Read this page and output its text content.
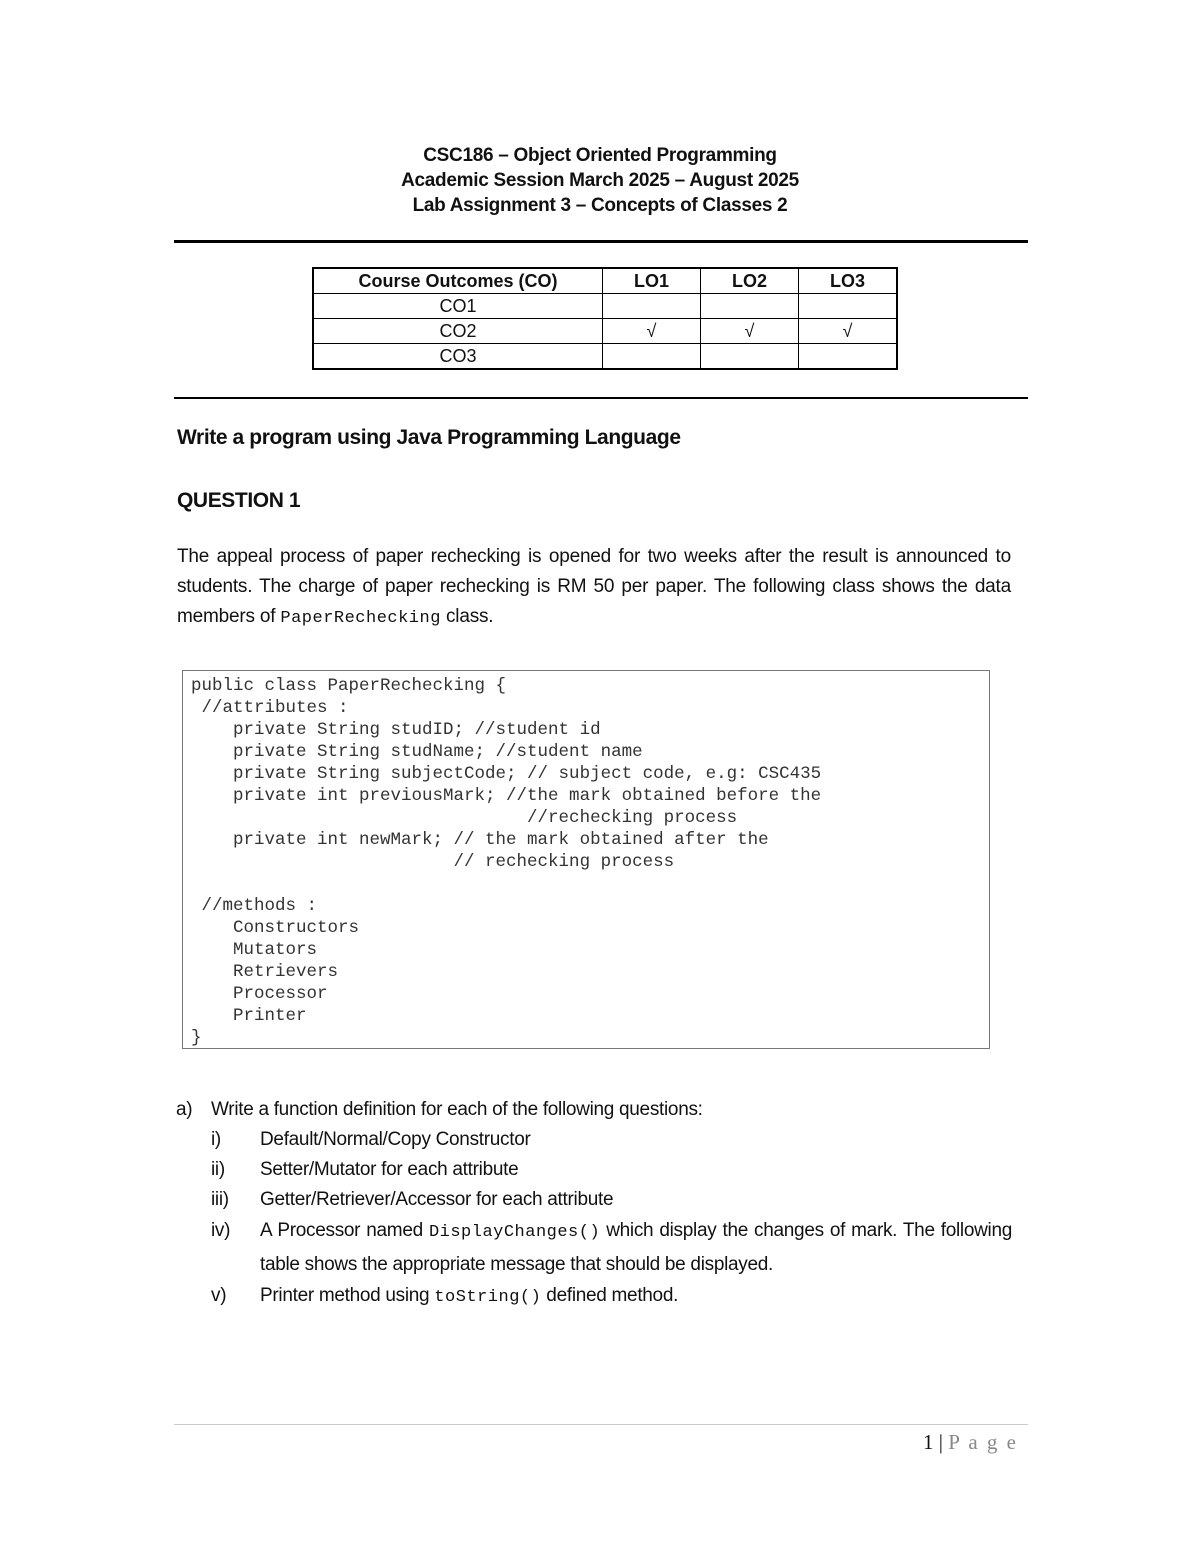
CSC186 – Object Oriented Programming
Academic Session March 2025 – August 2025
Lab Assignment 3 – Concepts of Classes 2
Course Outcomes (CO)	LO1	LO2	LO3
CO1			
CO2	√	√	√
CO3			
Write a program using Java Programming Language
QUESTION 1
The appeal process of paper rechecking is opened for two weeks after the result is announced to students. The charge of paper rechecking is RM 50 per paper. The following class shows the data members of PaperRechecking class.
public class PaperRechecking {
//attributes :
private String studID; //student id
private String studName; //student name
private String subjectCode; // subject code, e.g: CSC435
private int previousMark; //the mark obtained before the
//rechecking process
private int newMark; // the mark obtained after the
// rechecking process

//methods :
Constructors
Mutators
Retrievers
Processor
Printer
}
a) Write a function definition for each of the following questions:
i) Default/Normal/Copy Constructor
ii) Setter/Mutator for each attribute
iii) Getter/Retriever/Accessor for each attribute
iv) A Processor named DisplayChanges() which display the changes of mark. The following table shows the appropriate message that should be displayed.
v) Printer method using toString() defined method.
1 | P a g e
